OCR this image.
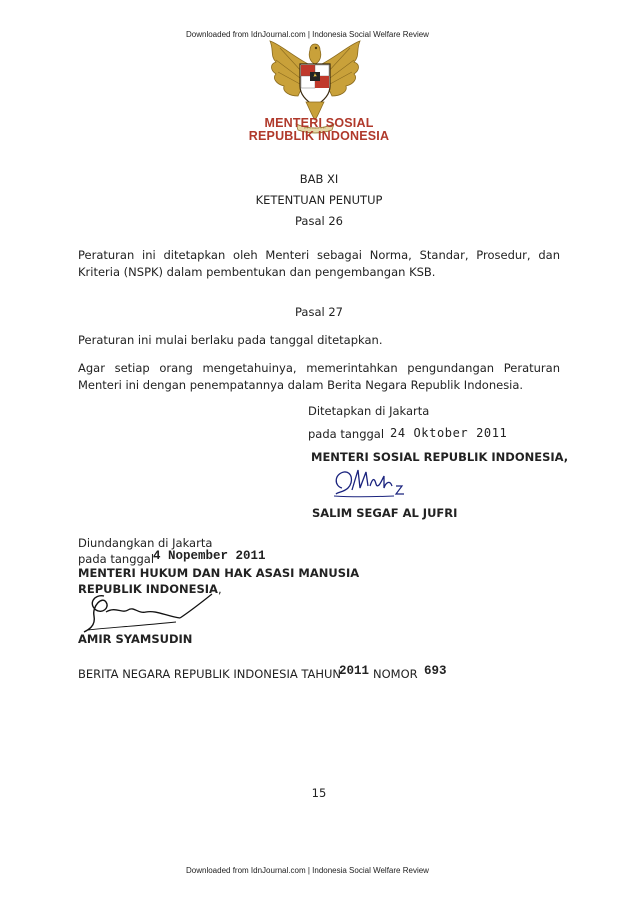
Downloaded from IdnJournal.com | Indonesia Social Welfare Review
MENTERI SOSIAL
REPUBLIK INDONESIA
BAB XI
KETENTUAN PENUTUP
Pasal 26
Peraturan ini ditetapkan oleh Menteri sebagai Norma, Standar, Prosedur, dan Kriteria (NSPK) dalam pembentukan dan pengembangan KSB.
Pasal 27
Peraturan ini mulai berlaku pada tanggal ditetapkan.
Agar setiap orang mengetahuinya, memerintahkan pengundangan Peraturan Menteri ini dengan penempatannya dalam Berita Negara Republik Indonesia.
Ditetapkan di Jakarta
pada tanggal 24 Oktober 2011
MENTERI SOSIAL REPUBLIK INDONESIA,
SALIM SEGAF AL JUFRI
Diundangkan di Jakarta
pada tanggal
4 Nopember 2011
MENTERI HUKUM DAN HAK ASASI MANUSIA
REPUBLIK INDONESIA,
AMIR SYAMSUDIN
BERITA NEGARA REPUBLIK INDONESIA TAHUN
2011 NOMOR 693
15
Downloaded from IdnJournal.com | Indonesia Social Welfare Review
